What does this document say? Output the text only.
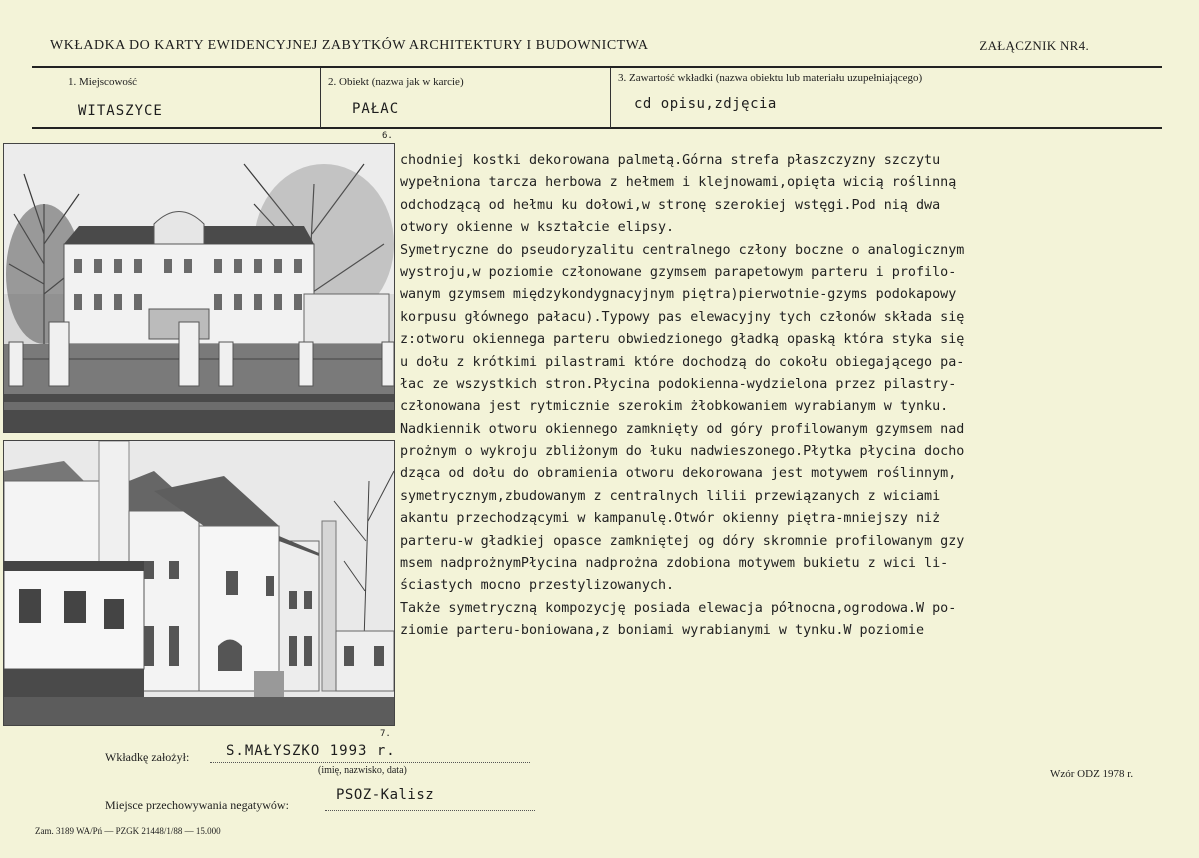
WKŁADKA DO KARTY EWIDENCYJNEJ ZABYTKÓW ARCHITEKTURY I BUDOWNICTWA	ZAŁĄCZNIK NR4.
1. Miejscowość
WITASZYCE
2. Obiekt (nazwa jak w karcie)
PAŁAC
3. Zawartość wkładki (nazwa obiektu lub materiału uzupełniającego)
cd opisu,zdjęcia
6.
7.
chodniej kostki dekorowana palmetą.Górna strefa płaszczyzny szczytu
wypełniona tarcza herbowa z hełmem i klejnowami,opięta wicią roślinną
odchodzącą od hełmu ku dołowi,w stronę szerokiej wstęgi.Pod nią dwa
otwory okienne w kształcie elipsy.
Symetryczne do pseudoryzalitu centralnego człony boczne o analogicznym
wystroju,w poziomie członowane gzymsem parapetowym parteru i profilo-
wanym gzymsem międzykondygnacyjnym piętra)pierwotnie-gzyms podokapowy
korpusu głównego pałacu).Typowy pas elewacyjny tych członów składa się
z:otworu okiennega parteru obwiedzionego gładką opaską która styka się
u dołu z krótkimi pilastrami które dochodzą do cokołu obiegającego pa-
łac ze wszystkich stron.Płycina podokienna-wydzielona przez pilastry-
członowana jest rytmicznie szerokim żłobkowaniem wyrabianym w tynku.
Nadkiennik otworu okiennego zamknięty od góry profilowanym gzymsem nad
prożnym o wykroju zbliżonym do łuku nadwieszonego.Płytka płycina docho
dząca od dołu do obramienia otworu dekorowana jest motywem roślinnym,
symetrycznym,zbudowanym z centralnych lilii przewiązanych z wiciami
akantu przechodzącymi w kampanulę.Otwór okienny piętra-mniejszy niż
parteru-w gładkiej opasce zamkniętej og dóry skromnie profilowanym gzy
msem nadprożnymPłycina nadprożna zdobiona motywem bukietu z wici li-
ściastych mocno przestylizowanych.
Także symetryczną kompozycję posiada elewacja północna,ogrodowa.W po-
ziomie parteru-boniowana,z boniami wyrabianymi w tynku.W poziomie
Wkładkę założył:	S.MAŁYSZKO 1993 r.
(imię, nazwisko, data)	Wzór ODZ 1978 r.
Miejsce przechowywania negatywów:
PSOZ-Kalisz
Zam. 3189 WA/Pń — PZGK 21448/1/88 — 15.000
